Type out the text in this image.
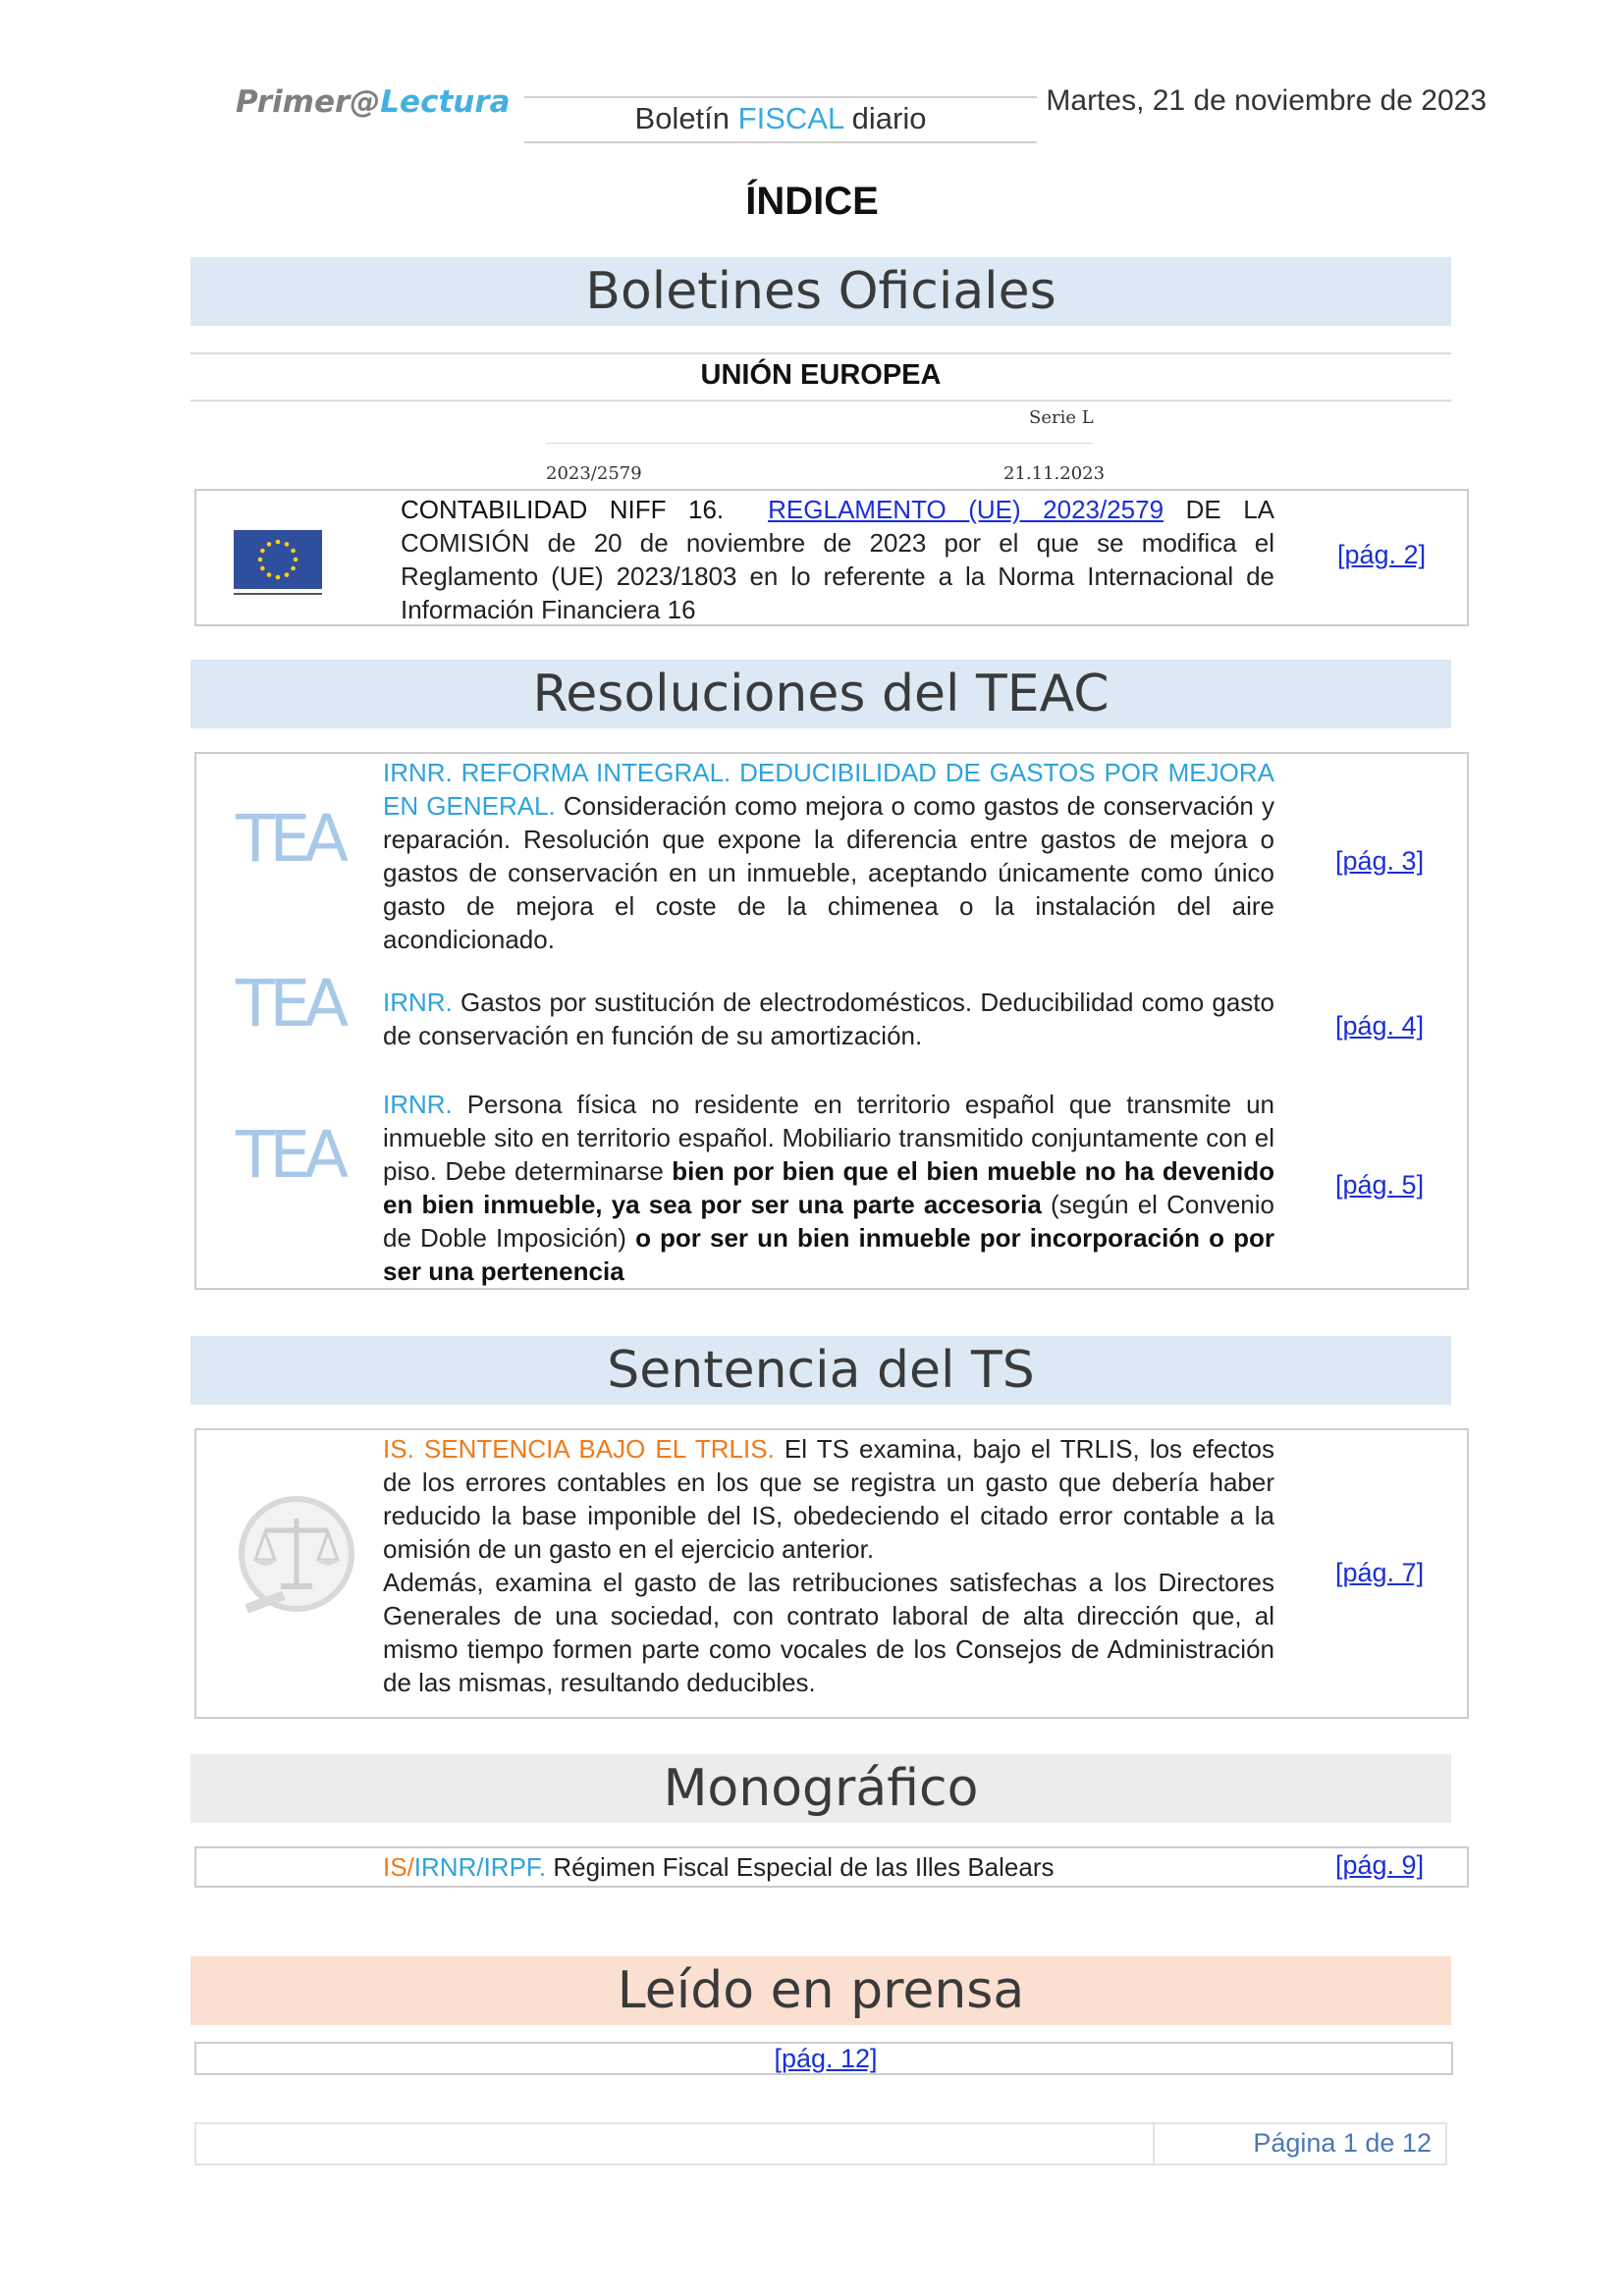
Primer@Lectura	Boletín FISCAL diario
Martes, 21 de noviembre de 2023
ÍNDICE
Boletines Oficiales
UNIÓN EUROPEA
Serie L
2023/2579	21.11.2023
CONTABILIDAD NIFF 16. REGLAMENTO (UE) 2023/2579 DE LA COMISIÓN de 20 de noviembre de 2023 por el que se modifica el Reglamento (UE) 2023/1803 en lo referente a la Norma Internacional de Información Financiera 16
[pág. 2]
Resoluciones del TEAC
TEA
IRNR. REFORMA INTEGRAL. DEDUCIBILIDAD DE GASTOS POR MEJORA EN GENERAL. Consideración como mejora o como gastos de conservación y reparación. Resolución que expone la diferencia entre gastos de mejora o gastos de conservación en un inmueble, aceptando únicamente como único gasto de mejora el coste de la chimenea o la instalación del aire acondicionado.
[pág. 3]
TEA IRNR. Gastos por sustitución de electrodomésticos. Deducibilidad como gasto de conservación en función de su amortización.	[pág. 4]
TEA
IRNR. Persona física no residente en territorio español que transmite un inmueble sito en territorio español. Mobiliario transmitido conjuntamente con el piso. Debe determinarse bien por bien que el bien mueble no ha devenido en bien inmueble, ya sea por ser una parte accesoria (según el Convenio de Doble Imposición) o por ser un bien inmueble por incorporación o por ser una pertenencia
[pág. 5]
Sentencia del TS
IS. SENTENCIA BAJO EL TRLIS. El TS examina, bajo el TRLIS, los efectos de los errores contables en los que se registra un gasto que debería haber reducido la base imponible del IS, obedeciendo el citado error contable a la omisión de un gasto en el ejercicio anterior.
Además, examina el gasto de las retribuciones satisfechas a los Directores Generales de una sociedad, con contrato laboral de alta dirección que, al mismo tiempo formen parte como vocales de los Consejos de Administración de las mismas, resultando deducibles.
[pág. 7]
Monográfico
IS/IRNR/IRPF. Régimen Fiscal Especial de las Illes Balears	[pág. 9]
Leído en prensa
[pág. 12]
Página 1 de 12
